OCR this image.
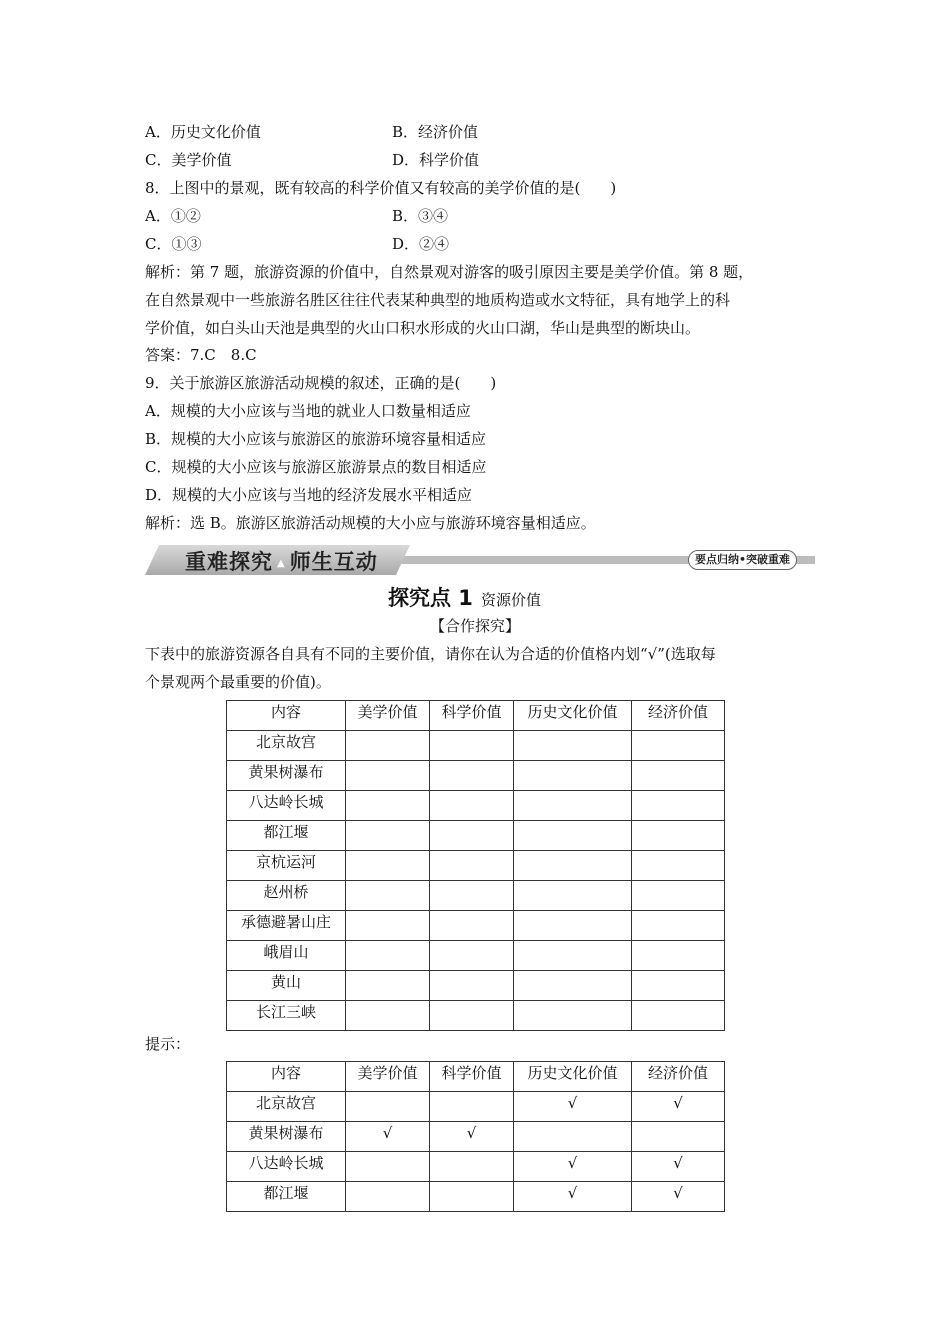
A．历史文化价值	B．经济价值
C．美学价值	D．科学价值
8．上图中的景观，既有较高的科学价值又有较高的美学价值的是(　　)
A．①②	B．③④
C．①③	D．②④
解析：第 7 题，旅游资源的价值中，自然景观对游客的吸引原因主要是美学价值。第 8 题，
在自然景观中一些旅游名胜区往往代表某种典型的地质构造或水文特征，具有地学上的科
学价值，如白头山天池是典型的火山口积水形成的火山口湖，华山是典型的断块山。
答案：7.C　8.C
9．关于旅游区旅游活动规模的叙述，正确的是(　　)
A．规模的大小应该与当地的就业人口数量相适应
B．规模的大小应该与旅游区的旅游环境容量相适应
C．规模的大小应该与旅游区旅游景点的数目相适应
D．规模的大小应该与当地的经济发展水平相适应
解析：选 B。旅游区旅游活动规模的大小应与旅游环境容量相适应。
重难探究 ▲ 师生互动	要点归纳•突破重难
探究点 1 资源价值
【合作探究】
下表中的旅游资源各自具有不同的主要价值，请你在认为合适的价值格内划“√”(选取每
个景观两个最重要的价值)。
内容	美学价值	科学价值	历史文化价值	经济价值
北京故宫				
黄果树瀑布				
八达岭长城				
都江堰				
京杭运河				
赵州桥				
承德避暑山庄				
峨眉山				
黄山				
长江三峡				
提示：
内容	美学价值	科学价值	历史文化价值	经济价值
北京故宫			√	√
黄果树瀑布	√	√		
八达岭长城			√	√
都江堰			√	√
